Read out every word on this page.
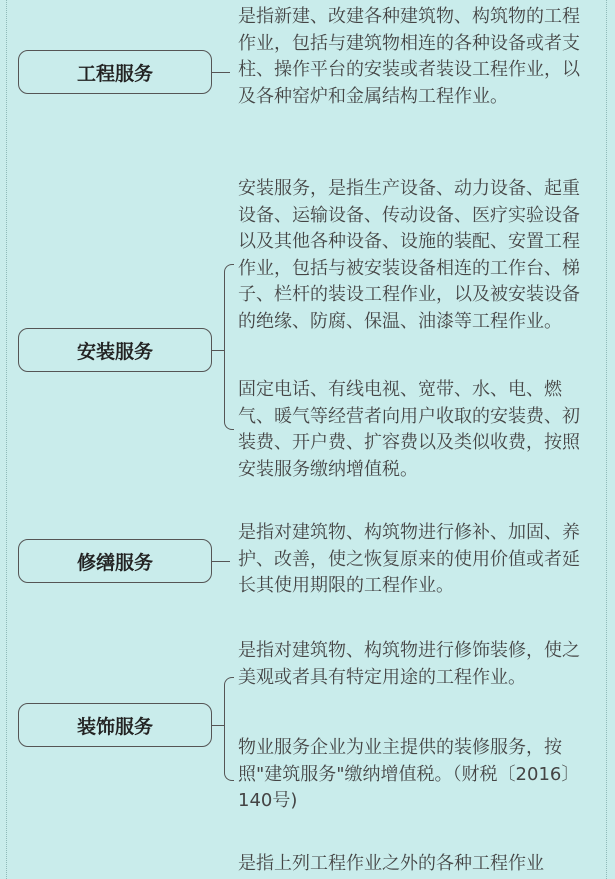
工程服务
是指新建、改建各种建筑物、构筑物的工程作业，包括与建筑物相连的各种设备或者支柱、操作平台的安装或者装设工程作业，以及各种窑炉和金属结构工程作业。
安装服务
安装服务，是指生产设备、动力设备、起重设备、运输设备、传动设备、医疗实验设备以及其他各种设备、设施的装配、安置工程作业，包括与被安装设备相连的工作台、梯子、栏杆的装设工程作业，以及被安装设备的绝缘、防腐、保温、油漆等工程作业。
固定电话、有线电视、宽带、水、电、燃气、暖气等经营者向用户收取的安装费、初装费、开户费、扩容费以及类似收费，按照安装服务缴纳增值税。
修缮服务
是指对建筑物、构筑物进行修补、加固、养护、改善，使之恢复原来的使用价值或者延长其使用期限的工程作业。
装饰服务
是指对建筑物、构筑物进行修饰装修，使之美观或者具有特定用途的工程作业。
物业服务企业为业主提供的装修服务，按照"建筑服务"缴纳增值税。（财税〔2016〕140号)
是指上列工程作业之外的各种工程作业
